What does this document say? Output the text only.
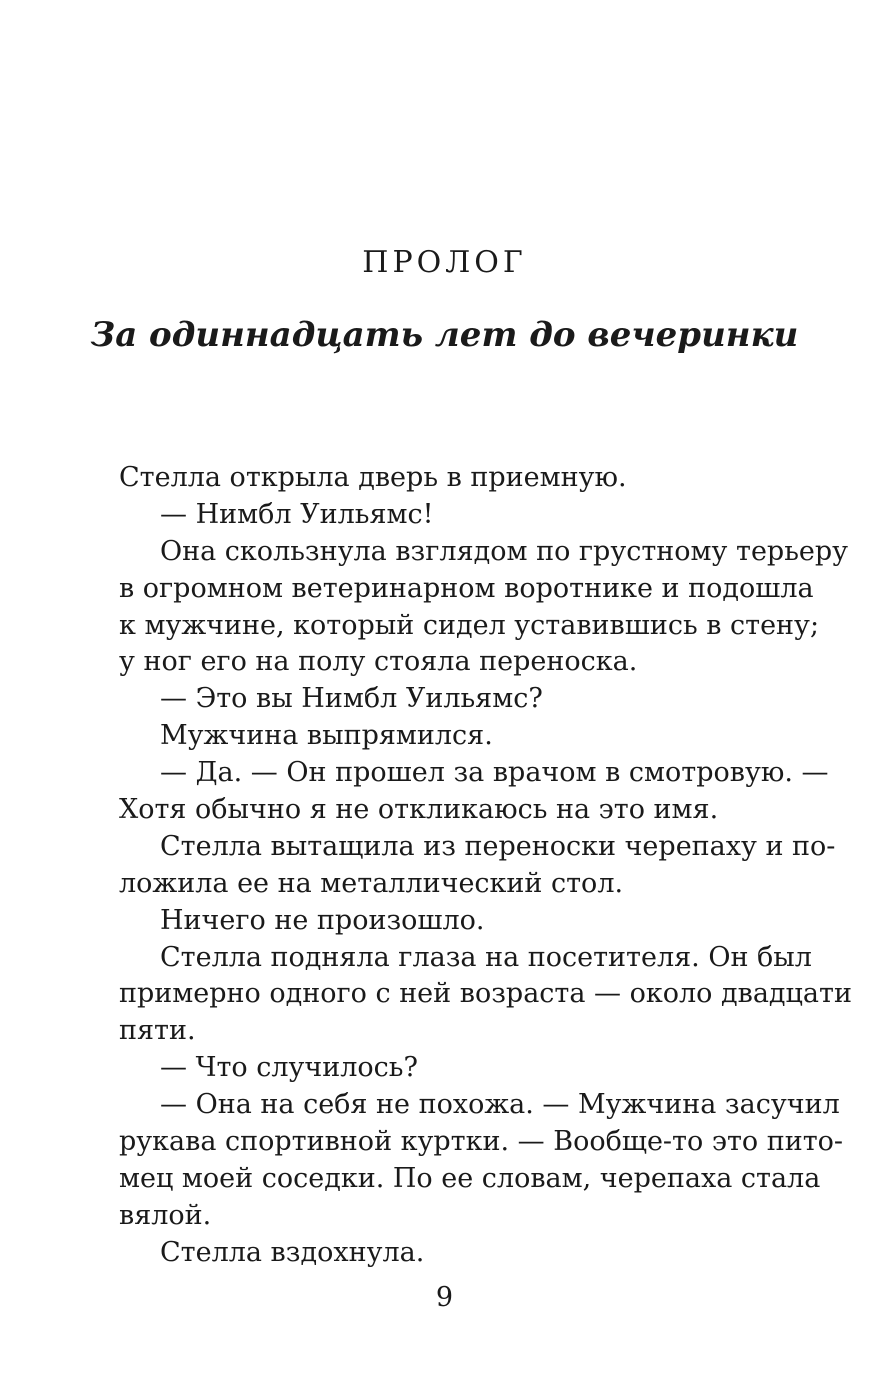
ПРОЛОГ
За одиннадцать лет до вечеринки
Стелла открыла дверь в приемную.
— Нимбл Уильямс!
Она скользнула взглядом по грустному терьеру
в огромном ветеринарном воротнике и подошла
к мужчине, который сидел уставившись в стену;
у ног его на полу стояла переноска.
— Это вы Нимбл Уильямс?
Мужчина выпрямился.
— Да. — Он прошел за врачом в смотровую. —
Хотя обычно я не откликаюсь на это имя.
Стелла вытащила из переноски черепаху и по-
ложила ее на металлический стол.
Ничего не произошло.
Стелла подняла глаза на посетителя. Он был
примерно одного с ней возраста — около двадцати
пяти.
— Что случилось?
— Она на себя не похожа. — Мужчина засучил
рукава спортивной куртки. — Вообще-то это пито-
мец моей соседки. По ее словам, черепаха стала
вялой.
Стелла вздохнула.
9
